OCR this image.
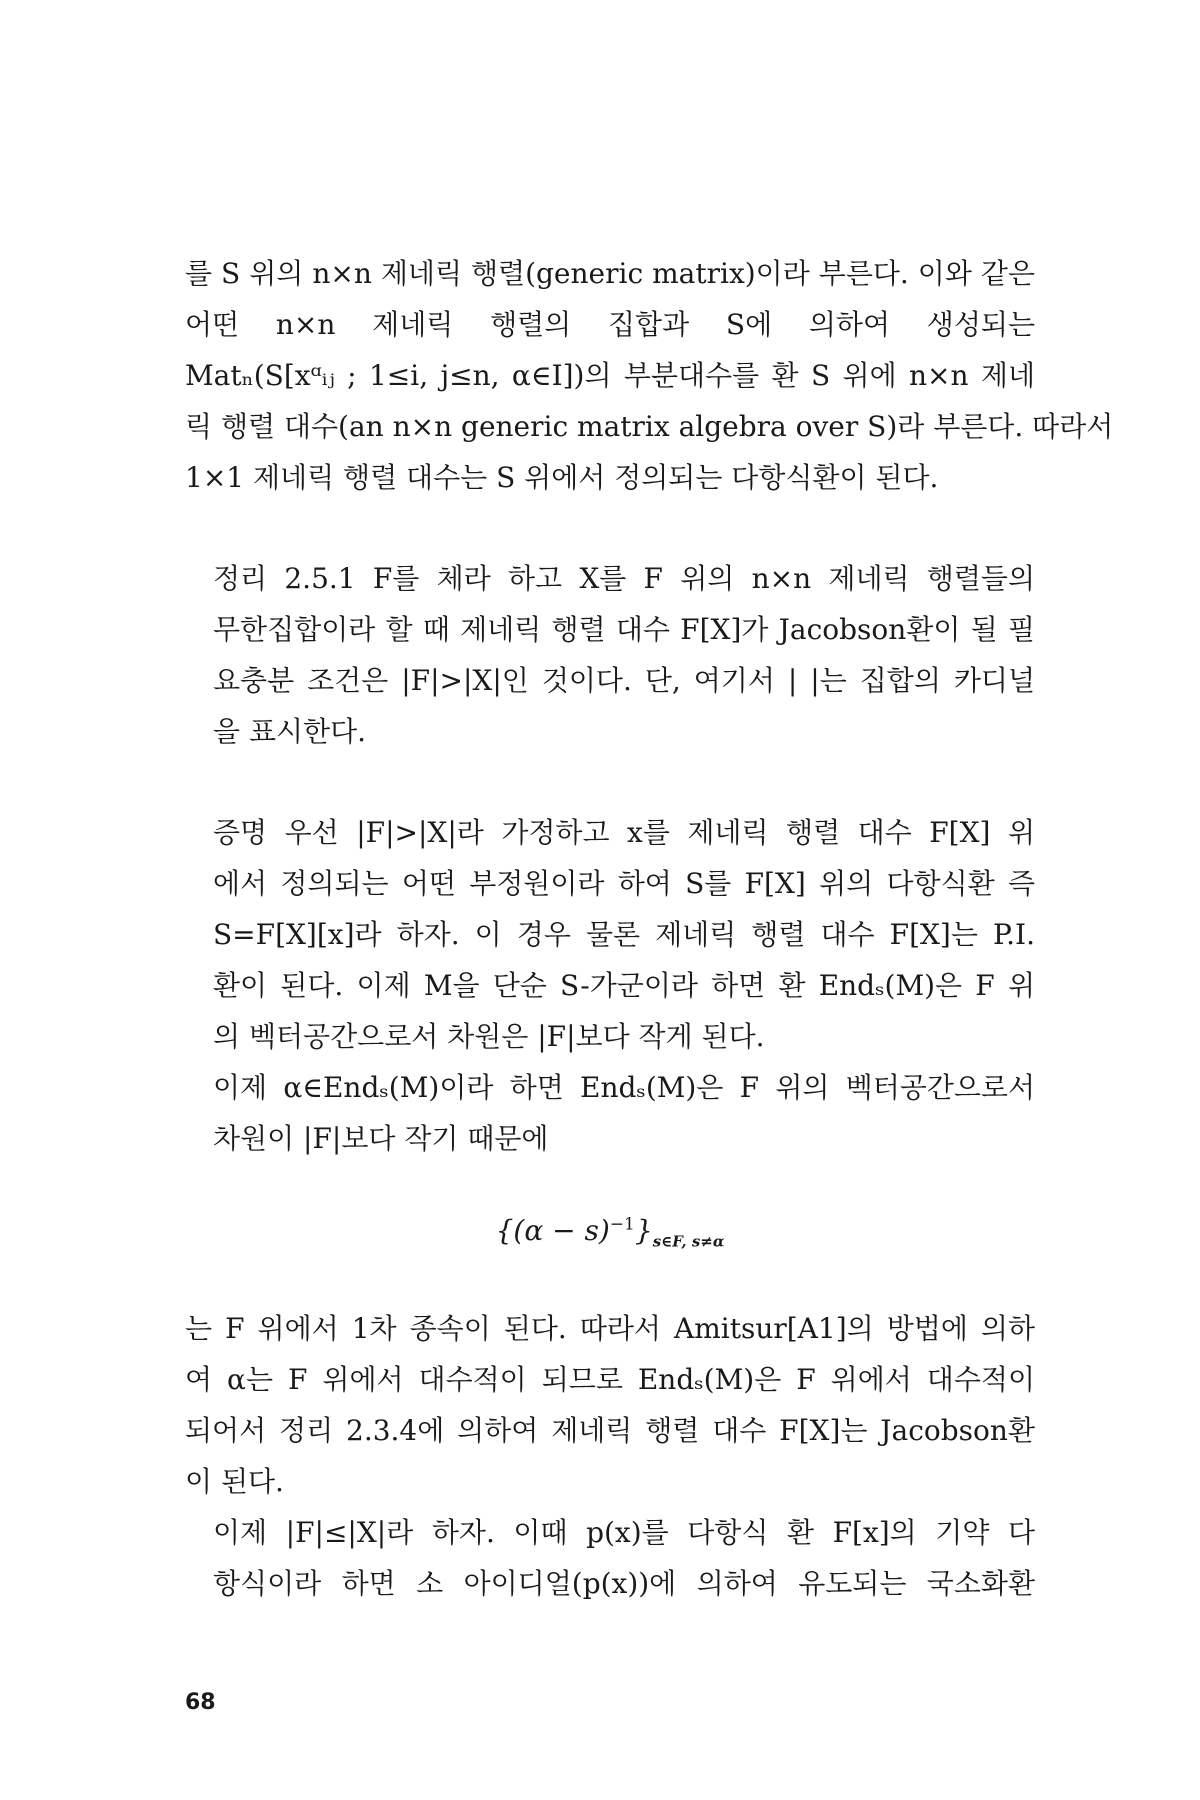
를 S 위의 n×n 제네릭 행렬(generic matrix)이라 부른다. 이와 같은
어떤 n×n 제네릭 행렬의 집합과 S에 의하여 생성되는
Matₙ(S[xᵅᵢⱼ ; 1≤i, j≤n, α∈I])의 부분대수를 환 S 위에 n×n 제네
릭 행렬 대수(an n×n generic matrix algebra over S)라 부른다. 따라서
1×1 제네릭 행렬 대수는 S 위에서 정의되는 다항식환이 된다.

정리 2.5.1 F를 체라 하고 X를 F 위의 n×n 제네릭 행렬들의
무한집합이라 할 때 제네릭 행렬 대수 F[X]가 Jacobson환이 될 필
요충분 조건은 |F|>|X|인 것이다. 단, 여기서 | |는 집합의 카디널
을 표시한다.

증명 우선 |F|>|X|라 가정하고 x를 제네릭 행렬 대수 F[X] 위
에서 정의되는 어떤 부정원이라 하여 S를 F[X] 위의 다항식환 즉
S=F[X][x]라 하자. 이 경우 물론 제네릭 행렬 대수 F[X]는 P.I.
환이 된다. 이제 M을 단순 S-가군이라 하면 환 Endₛ(M)은 F 위
의 벡터공간으로서 차원은 |F|보다 작게 된다.

이제 α∈Endₛ(M)이라 하면 Endₛ(M)은 F 위의 벡터공간으로서
차원이 |F|보다 작기 때문에

$\{(\alpha - s)^{-1}\}_{s\in F, s\ne\alpha}$

는 F 위에서 1차 종속이 된다. 따라서 Amitsur[A1]의 방법에 의하
여 α는 F 위에서 대수적이 되므로 Endₛ(M)은 F 위에서 대수적이
되어서 정리 2.3.4에 의하여 제네릭 행렬 대수 F[X]는 Jacobson환
이 된다.

이제 |F|≤|X|라 하자. 이때 p(x)를 다항식 환 F[x]의 기약 다
항식이라 하면 소 아이디얼(p(x))에 의하여 유도되는 국소화환

68
